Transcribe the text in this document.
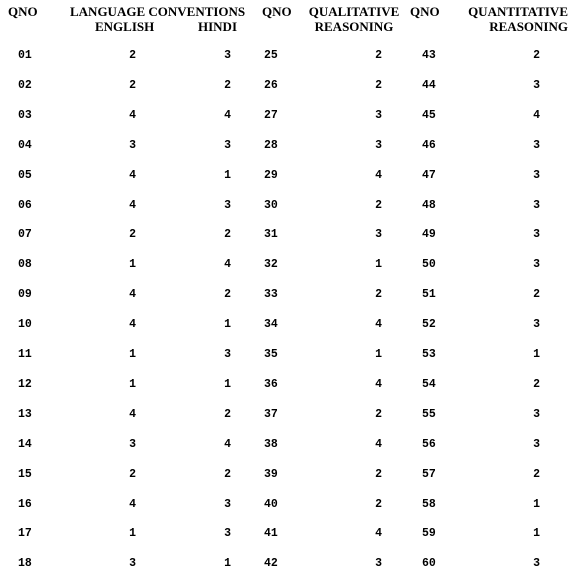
QNO LANGUAGE CONVENTIONS
ENGLISH	HINDI
QNO QUALITATIVE
REASONING
QNO	QUANTITATIVE
REASONING
01	2	3	25	2	43	2
02	2	2	26	2	44	3
03	4	4	27	3	45	4
04	3	3	28	3	46	3
05	4	1	29	4	47	3
06	4	3	30	2	48	3
07	2	2	31	3	49	3
08	1	4	32	1	50	3
09	4	2	33	2	51	2
10	4	1	34	4	52	3
11	1	3	35	1	53	1
12	1	1	36	4	54	2
13	4	2	37	2	55	3
14	3	4	38	4	56	3
15	2	2	39	2	57	2
16	4	3	40	2	58	1
17	1	3	41	4	59	1
18	3	1	42	3	60	3
